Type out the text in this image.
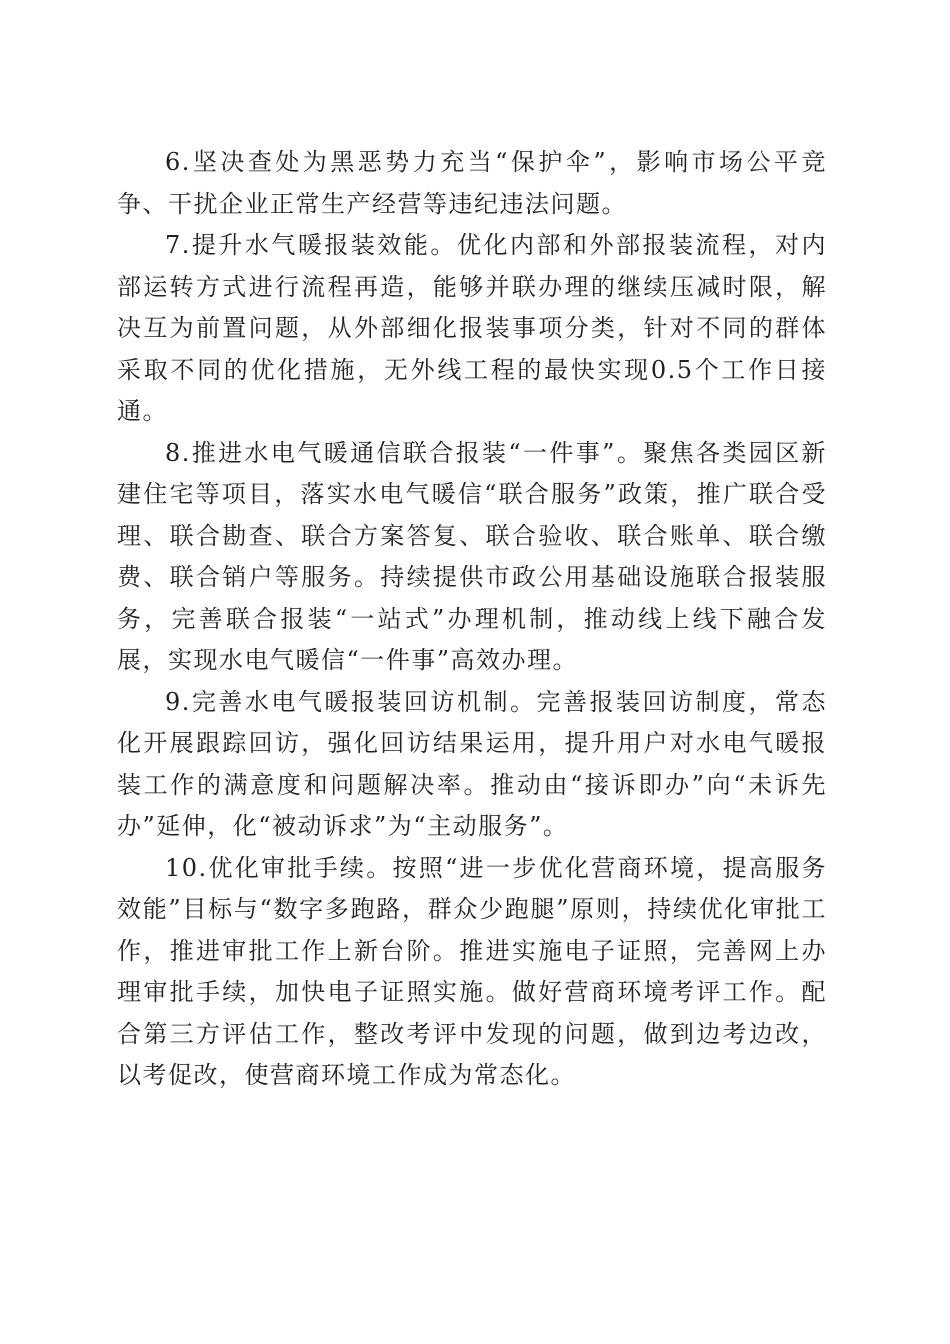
6.坚决查处为黑恶势力充当“保护伞”，影响市场公平竞争、干扰企业正常生产经营等违纪违法问题。

7.提升水气暖报装效能。优化内部和外部报装流程，对内部运转方式进行流程再造，能够并联办理的继续压减时限，解决互为前置问题，从外部细化报装事项分类，针对不同的群体采取不同的优化措施，无外线工程的最快实现0.5个工作日接通。

8.推进水电气暖通信联合报装“一件事”。聚焦各类园区新建住宅等项目，落实水电气暖信“联合服务”政策，推广联合受理、联合勘查、联合方案答复、联合验收、联合账单、联合缴费、联合销户等服务。持续提供市政公用基础设施联合报装服务，完善联合报装“一站式”办理机制，推动线上线下融合发展，实现水电气暖信“一件事”高效办理。

9.完善水电气暖报装回访机制。完善报装回访制度，常态化开展跟踪回访，强化回访结果运用，提升用户对水电气暖报装工作的满意度和问题解决率。推动由“接诉即办”向“未诉先办”延伸，化“被动诉求”为“主动服务”。

10.优化审批手续。按照“进一步优化营商环境，提高服务效能”目标与“数字多跑路，群众少跑腿”原则，持续优化审批工作，推进审批工作上新台阶。推进实施电子证照，完善网上办理审批手续，加快电子证照实施。做好营商环境考评工作。配合第三方评估工作，整改考评中发现的问题，做到边考边改，以考促改，使营商环境工作成为常态化。
